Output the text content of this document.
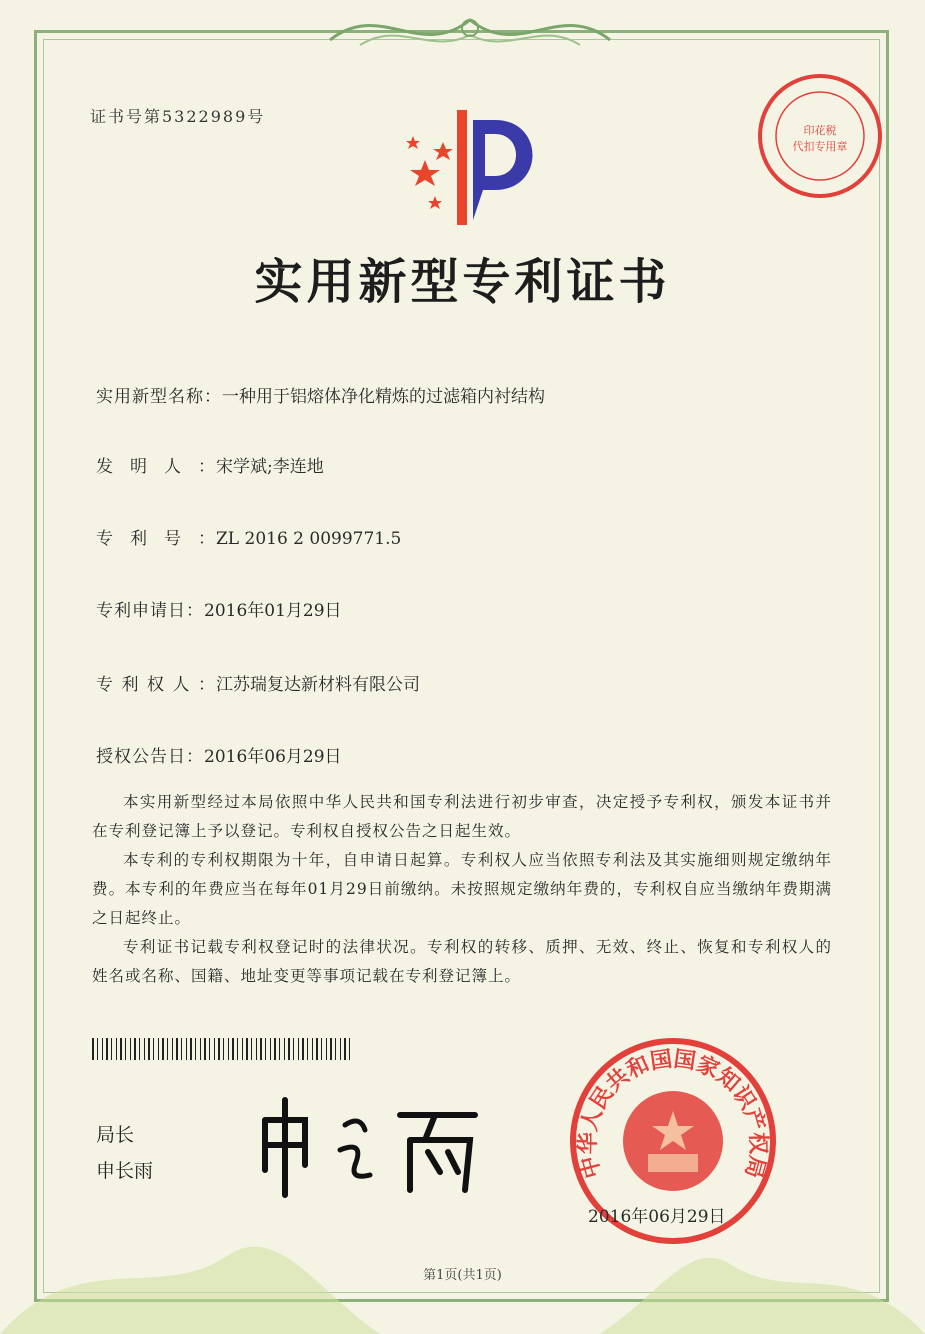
证书号第5322989号
实用新型专利证书
实用新型名称：一种用于铝熔体净化精炼的过滤箱内衬结构
发明人：宋学斌;李连地
专利号：ZL 2016 2 0099771.5
专利申请日：2016年01月29日
专利权人：江苏瑞复达新材料有限公司
授权公告日：2016年06月29日

本实用新型经过本局依照中华人民共和国专利法进行初步审查，决定授予专利权，颁发本证书并在专利登记簿上予以登记。专利权自授权公告之日起生效。

本专利的专利权期限为十年，自申请日起算。专利权人应当依照专利法及其实施细则规定缴纳年费。本专利的年费应当在每年01月29日前缴纳。未按照规定缴纳年费的，专利权自应当缴纳年费期满之日起终止。

专利证书记载专利权登记时的法律状况。专利权的转移、质押、无效、终止、恢复和专利权人的姓名或名称、国籍、地址变更等事项记载在专利登记簿上。

局长
申长雨
印花税
代扣专用章
中华人民共和国国家知识产权局
2016年06月29日
第1页(共1页)
